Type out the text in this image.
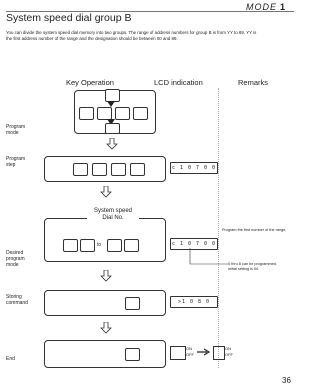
MODE 1
System speed dial group B
You can divide the system speed dial memory into two groups. The range of address numbers for group B is from YY to 89. YY is the first address number of the range and the designation should be between 00 and 89.
Key Operation	LCD indication	Remarks
Program
mode
Program
step	c 1 0 7 0 0
System speed
Dial No.
to
Desired
program
mode
c 1 0 7 0 0
Program the first number of the range.
0 thru 8 can be programmed.
Initial setting is 00.
Storing
command	>1 0 8 0
End
ON
OFF
ON
OFF
36
